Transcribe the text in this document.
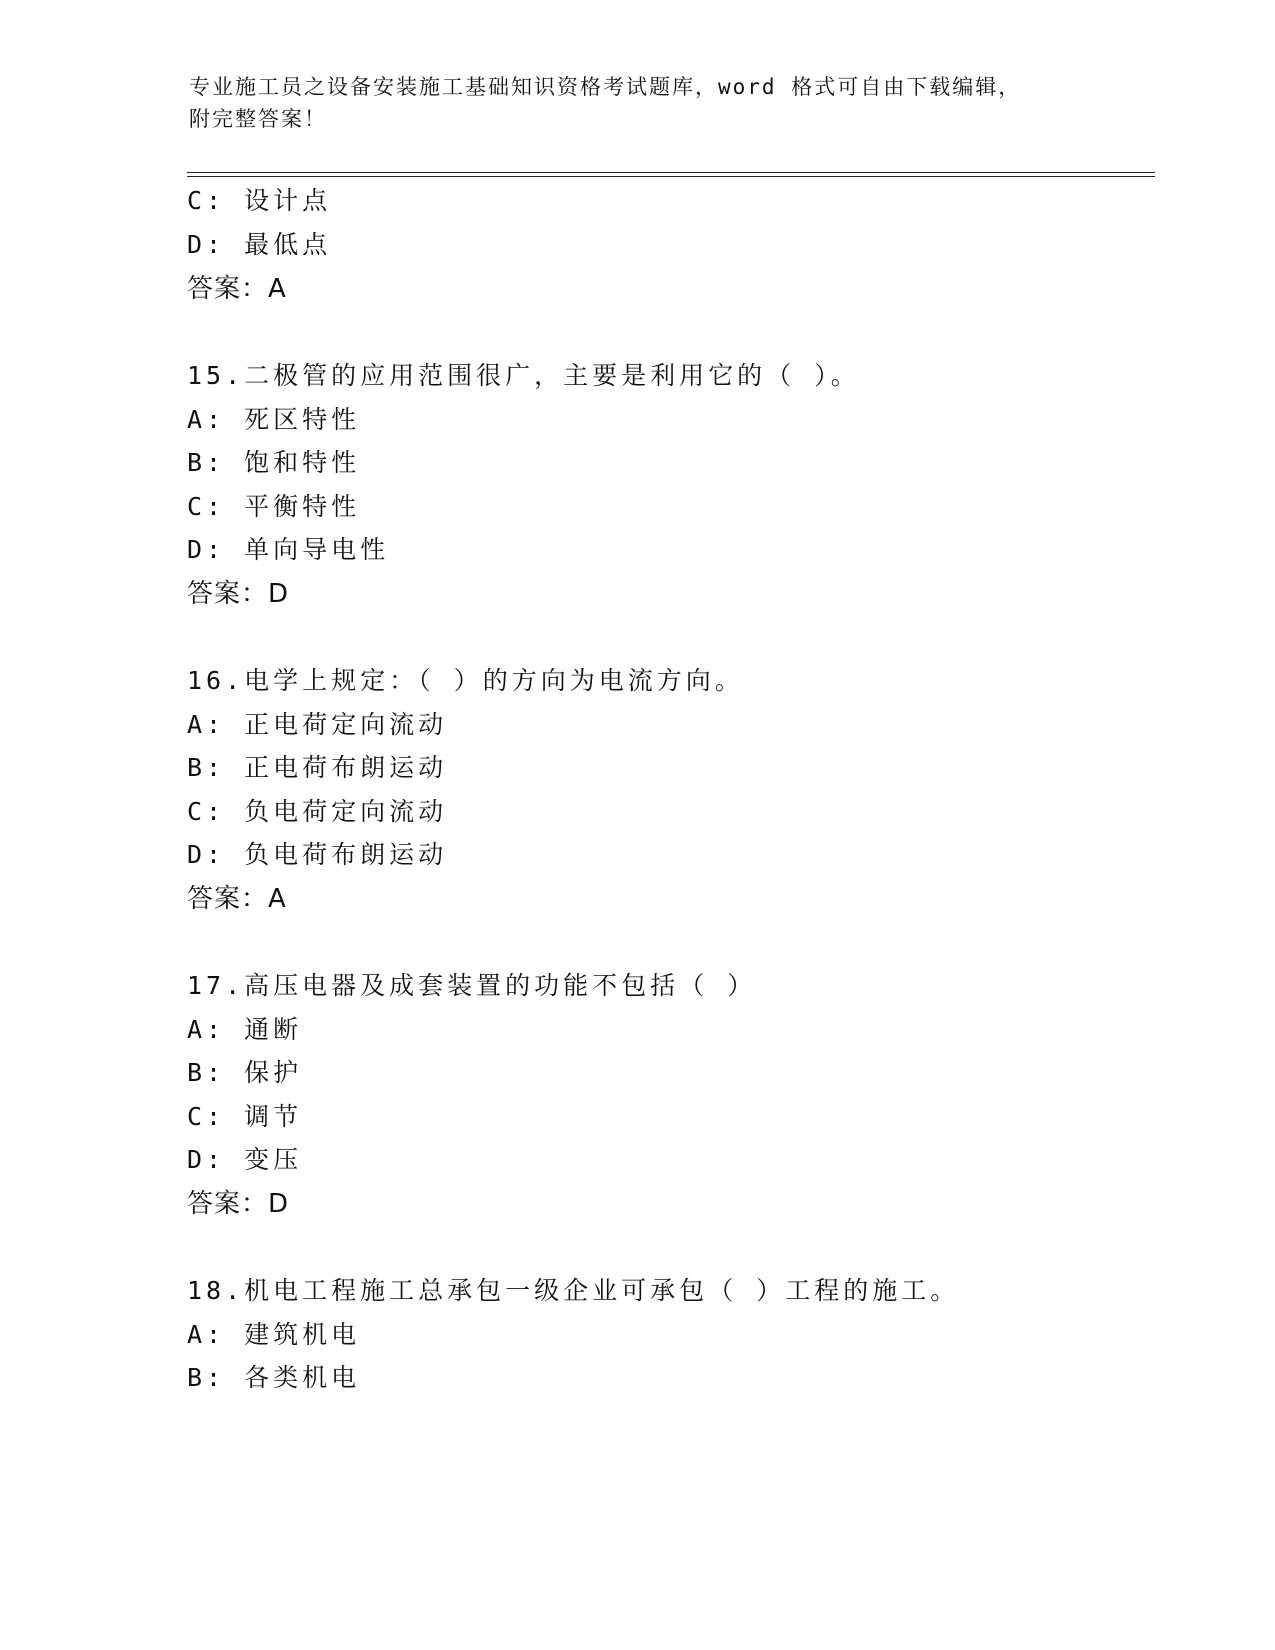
专业施工员之设备安装施工基础知识资格考试题库，word 格式可自由下载编辑，
附完整答案！
C: 设计点
D: 最低点
答案：A
15.二极管的应用范围很广，主要是利用它的（ ）。
A: 死区特性
B: 饱和特性
C: 平衡特性
D: 单向导电性
答案：D
16.电学上规定：（ ）的方向为电流方向。
A: 正电荷定向流动
B: 正电荷布朗运动
C: 负电荷定向流动
D: 负电荷布朗运动
答案：A
17.高压电器及成套装置的功能不包括（ ）
A: 通断
B: 保护
C: 调节
D: 变压
答案：D
18.机电工程施工总承包一级企业可承包（ ）工程的施工。
A: 建筑机电
B: 各类机电
